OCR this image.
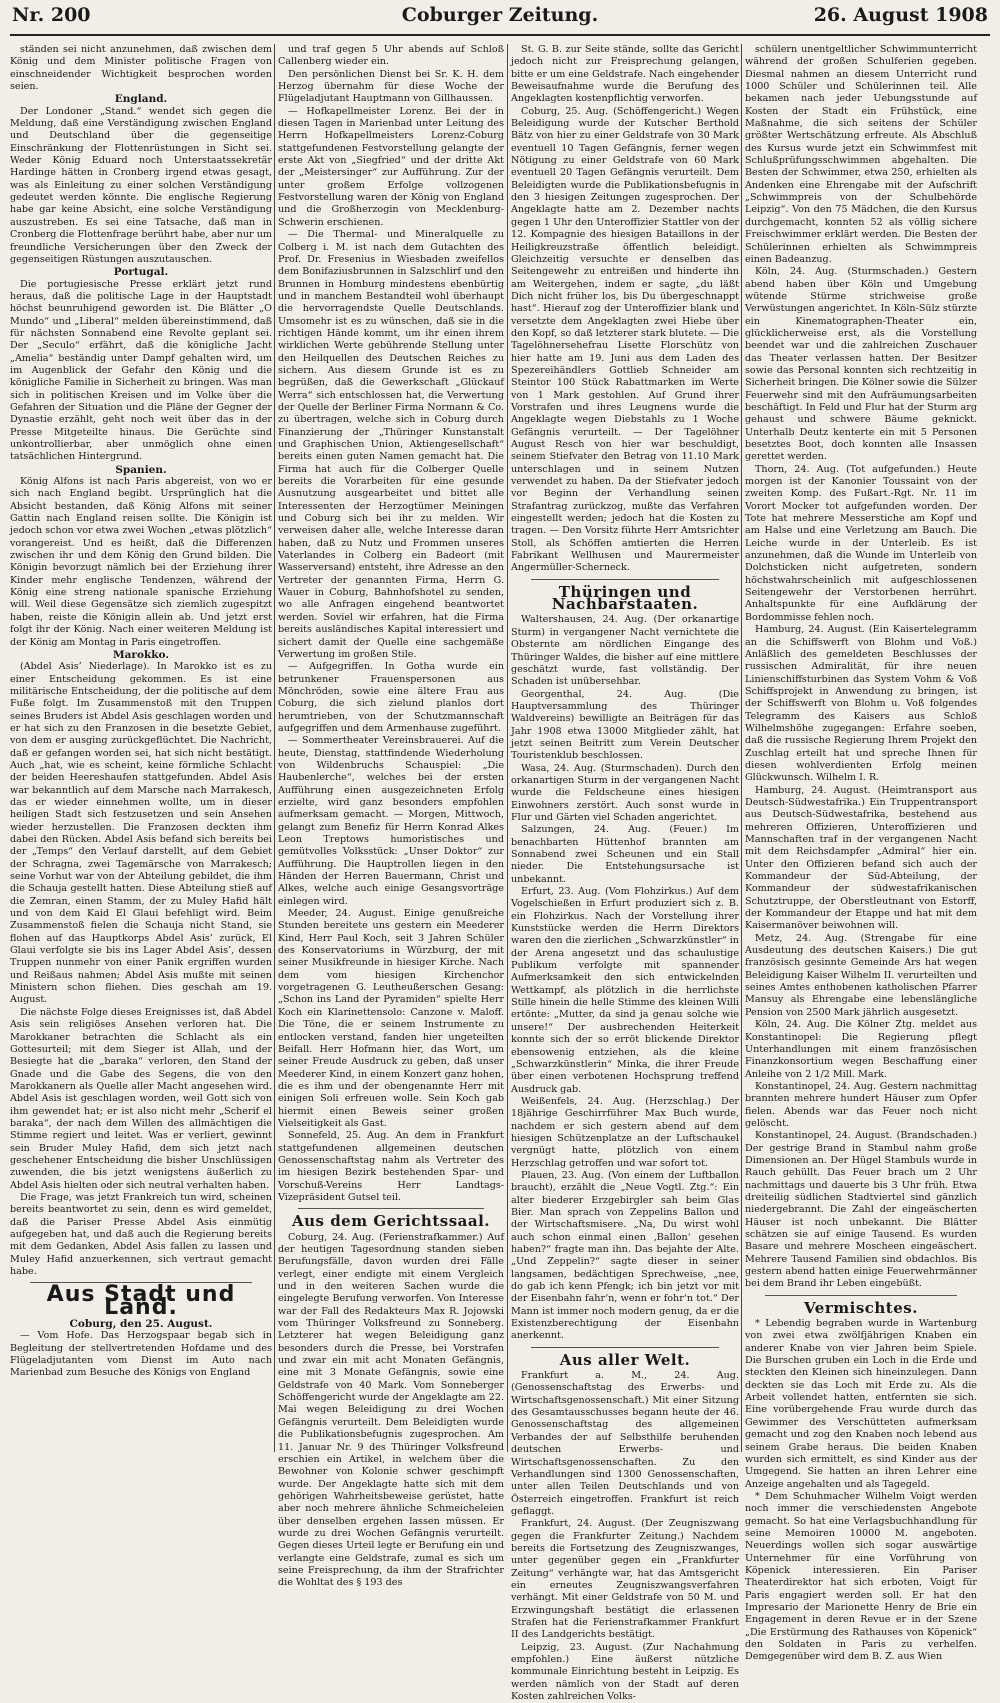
Nr. 200	Coburger Zeitung.	26. August 1908

ständen sei nicht anzunehmen, daß zwischen dem König und dem Minister politische Fragen von einschneidender Wichtigkeit besprochen worden seien.

England.

Der Londoner „Stand.“ wendet sich gegen die Meldung, daß eine Verständigung zwischen England und Deutschland über die gegenseitige Einschränkung der Flottenrüstungen in Sicht sei. Weder König Eduard noch Unterstaatssekretär Hardinge hätten in Cronberg irgend etwas gesagt, was als Einleitung zu einer solchen Verständigung gedeutet werden könnte. Die englische Regierung habe gar keine Absicht, eine solche Verständigung auszustreben. Es sei eine Tatsache, daß man in Cronberg die Flottenfrage berührt habe, aber nur um freundliche Versicherungen über den Zweck der gegenseitigen Rüstungen auszutauschen.

Portugal.

Die portugiesische Presse erklärt jetzt rund heraus, daß die politische Lage in der Hauptstadt höchst beunruhigend geworden ist. Die Blätter „O Mundo“ und „Liberal“ melden übereinstimmend, daß für nächsten Sonnabend eine Revolte geplant sei. Der „Seculo“ erfährt, daß die königliche Jacht „Amelia“ beständig unter Dampf gehalten wird, um im Augenblick der Gefahr den König und die königliche Familie in Sicherheit zu bringen. Was man sich in politischen Kreisen und im Volke über die Gefahren der Situation und die Pläne der Gegner der Dynastie erzählt, geht noch weit über das in der Presse Mitgeteilte hinaus. Die Gerüchte sind unkontrollierbar, aber unmöglich ohne einen tatsächlichen Hintergrund.

Spanien.

König Alfons ist nach Paris abgereist, von wo er sich nach England begibt. Ursprünglich hat die Absicht bestanden, daß König Alfons mit seiner Gattin nach England reisen sollte. Die Königin ist jedoch schon vor etwa zwei Wochen „etwas plötzlich“ vorangereist. Und es heißt, daß die Differenzen zwischen ihr und dem König den Grund bilden. Die Königin bevorzugt nämlich bei der Erziehung ihrer Kinder mehr englische Tendenzen, während der König eine streng nationale spanische Erziehung will. Weil diese Gegensätze sich ziemlich zugespitzt haben, reiste die Königin allein ab. Und jetzt erst folgt ihr der König. Nach einer weiteren Meldung ist der König am Montag in Paris eingetroffen.

Marokko.

(Abdel Asis’ Niederlage). In Marokko ist es zu einer Entscheidung gekommen. Es ist eine militärische Entscheidung, der die politische auf dem Fuße folgt. Im Zusammenstoß mit den Truppen seines Bruders ist Abdel Asis geschlagen worden und er hat sich zu den Franzosen in die besetzte Gebiet, von dem er ausging zurückgeflüchtet. Die Nachricht, daß er gefangen worden sei, hat sich nicht bestätigt. Auch „hat, wie es scheint, keine förmliche Schlacht der beiden Heereshaufen stattgefunden. Abdel Asis war bekanntlich auf dem Marsche nach Marrakesch, das er wieder einnehmen wollte, um in dieser heiligen Stadt sich festzusetzen und sein Ansehen wieder herzustellen. Die Franzosen deckten ihm dabei den Rücken. Abdel Asis befand sich bereits bei der „Temps“ den Verlauf darstellt, auf dem Gebiet der Schragna, zwei Tagemärsche von Marrakesch; seine Vorhut war von der Abteilung gebildet, die ihm die Schauja gestellt hatten. Diese Abteilung stieß auf die Zemran, einen Stamm, der zu Muley Hafid hält und von dem Kaid El Glaui befehligt wird. Beim Zusammenstoß fielen die Schauja nicht Stand, sie flohen auf das Hauptkorps Abdel Asis’ zurück, El Glaui verfolgte sie bis ins Lager Abdel Asis’, dessen Truppen nunmehr von einer Panik ergriffen wurden und Reißaus nahmen; Abdel Asis mußte mit seinen Ministern schon fliehen. Dies geschah am 19. August.

Die nächste Folge dieses Ereignisses ist, daß Abdel Asis sein religiöses Ansehen verloren hat. Die Marokkaner betrachten die Schlacht als ein Gottesurteil; mit dem Sieger ist Allah, und der Besiegte hat die „baraka“ verloren, den Stand der Gnade und die Gabe des Segens, die von den Marokkanern als Quelle aller Macht angesehen wird. Abdel Asis ist geschlagen worden, weil Gott sich von ihm gewendet hat; er ist also nicht mehr „Scherif el baraka“, der nach dem Willen des allmächtigen die Stimme regiert und leitet. Was er verliert, gewinnt sein Bruder Muley Hafid, dem sich jetzt nach geschehener Entscheidung die bisher Unschlüssigen zuwenden, die bis jetzt wenigstens äußerlich zu Abdel Asis hielten oder sich neutral verhalten haben.

Die Frage, was jetzt Frankreich tun wird, scheinen bereits beantwortet zu sein, denn es wird gemeldet, daß die Pariser Presse Abdel Asis einmütig aufgegeben hat, und daß auch die Regierung bereits mit dem Gedanken, Abdel Asis fallen zu lassen und Muley Hafid anzuerkennen, sich vertraut gemacht habe.

Aus Stadt und Land.

Coburg, den 25. August.

— Vom Hofe. Das Herzogspaar begab sich in Begleitung der stellvertretenden Hofdame und des Flügeladjutanten vom Dienst im Auto nach Marienbad zum Besuche des Königs von England

und traf gegen 5 Uhr abends auf Schloß Callenberg wieder ein.

Den persönlichen Dienst bei Sr. K. H. dem Herzog übernahm für diese Woche der Flügeladjutant Hauptmann von Gillhaussen.

— Hofkapellmeister Lorenz. Bei der in diesen Tagen in Marienbad unter Leitung des Herrn Hofkapellmeisters Lorenz-Coburg stattgefundenen Festvorstellung gelangte der erste Akt von „Siegfried“ und der dritte Akt der „Meistersinger“ zur Aufführung. Zur der unter großem Erfolge vollzogenen Festvorstellung waren der König von England und die Großherzogin von Mecklenburg-Schwerin erschienen.

— Die Thermal- und Mineralquelle zu Colberg i. M. ist nach dem Gutachten des Prof. Dr. Fresenius in Wiesbaden zweifellos dem Bonifaziusbrunnen in Salzschlirf und den Brunnen in Homburg mindestens ebenbürtig und in manchem Bestandteil wohl überhaupt die hervorragendste Quelle Deutschlands. Umsomehr ist es zu wünschen, daß sie in die richtigen Hände kommt, um ihr einen ihrem wirklichen Werte gebührende Stellung unter den Heilquellen des Deutschen Reiches zu sichern. Aus diesem Grunde ist es zu begrüßen, daß die Gewerkschaft „Glückauf Werra“ sich entschlossen hat, die Verwertung der Quelle der Berliner Firma Normann & Co. zu übertragen, welche sich in Coburg durch Finanzierung der „Thüringer Kunstanstalt und Graphischen Union, Aktiengesellschaft“ bereits einen guten Namen gemacht hat. Die Firma hat auch für die Colberger Quelle bereits die Vorarbeiten für eine gesunde Ausnutzung ausgearbeitet und bittet alle Interessenten der Herzogtümer Meiningen und Coburg sich bei ihr zu melden. Wir verweisen daher alle, welche Interesse daran haben, daß zu Nutz und Frommen unseres Vaterlandes in Colberg ein Badeort (mit Wasserversand) entsteht, ihre Adresse an den Vertreter der genannten Firma, Herrn G. Wauer in Coburg, Bahnhofshotel zu senden, wo alle Anfragen eingehend beantwortet werden. Soviel wir erfahren, hat die Firma bereits ausländisches Kapital interessiert und sichert damit der Quelle eine sachgemäße Verwertung im großen Stile.

— Aufgegriffen. In Gotha wurde ein betrunkener Frauenspersonen aus Mönchröden, sowie eine ältere Frau aus Coburg, die sich zielund planlos dort herumtrieben, von der Schutzmannschaft aufgegriffen und dem Armenhause zugeführt.

— Sommertheater Vereinsbrauerei. Auf die heute, Dienstag, stattfindende Wiederholung von Wildenbruchs Schauspiel: „Die Haubenlerche“, welches bei der ersten Aufführung einen ausgezeichneten Erfolg erzielte, wird ganz besonders empfohlen aufmerksam gemacht. — Morgen, Mittwoch, gelangt zum Benefiz für Herrn Konrad Alkes Leon Treptows humoristisches und gemütvolles Volksstück: „Unser Doktor“ zur Aufführung. Die Hauptrollen liegen in den Händen der Herren Bauermann, Christ und Alkes, welche auch einige Gesangsvorträge einlegen wird.

Meeder, 24. August. Einige genußreiche Stunden bereitete uns gestern ein Meederer Kind, Herr Paul Koch, seit 3 Jahren Schüler des Konservatoriums in Würzburg, der mit seiner Musikfreunde in hiesiger Kirche. Nach dem vom hiesigen Kirchenchor vorgetragenen G. Leutheußerschen Gesang: „Schon ins Land der Pyramiden“ spielte Herr Koch ein Klarinettensolo: Canzone v. Maloff. Die Töne, die er seinem Instrumente zu entlocken verstand, fanden hier ungeteilten Beifall. Herr Hofmann hier, das Wort, um seiner Freude Ausdruck zu geben, daß unser Meederer Kind, in einem Konzert ganz hohen, die es ihm und der obengenannte Herr mit einigen Soli erfreuen wolle. Sein Koch gab hiermit einen Beweis seiner großen Vielseitigkeit als Gast.

Sonnefeld, 25. Aug. An dem in Frankfurt stattgefundenen allgemeinen deutschen Genossenschaftstag nahm als Vertreter des im hiesigen Bezirk bestehenden Spar- und Vorschuß-Vereins Herr Landtags-Vizepräsident Gutsel teil.

Aus dem Gerichtssaal.

Coburg, 24. Aug. (Ferienstrafkammer.) Auf der heutigen Tagesordnung standen sieben Berufungsfälle, davon wurden drei Fälle verlegt, einer endigte mit einem Vergleich und in den weiteren Sachen wurde die eingelegte Berufung verworfen. Von Interesse war der Fall des Redakteurs Max R. Jojowski vom Thüringer Volksfreund zu Sonneberg. Letzterer hat wegen Beleidigung ganz besonders durch die Presse, bei Vorstrafen und zwar ein mit acht Monaten Gefängnis, eine mit 3 Monate Gefängnis, sowie eine Geldstrafe von 40 Mark. Vom Sonneberger Schöffengericht wurde der Angeklagte am 22. Mai wegen Beleidigung zu drei Wochen Gefängnis verurteilt. Dem Beleidigten wurde die Publikationsbefugnis zugesprochen. Am 11. Januar Nr. 9 des Thüringer Volksfreund erschien ein Artikel, in welchem über die Bewohner von Kolonie schwer geschimpft wurde. Der Angeklagte hatte sich mit dem gehörigen Wahrheitsbeweise gerüstet, hatte aber noch mehrere ähnliche Schmeicheleien über denselben ergehen lassen müssen. Er wurde zu drei Wochen Gefängnis verurteilt. Gegen dieses Urteil legte er Berufung ein und verlangte eine Geldstrafe, zumal es sich um seine Freisprechung, da ihm der Strafrichter die Wohltat des § 193 des

St. G. B. zur Seite stände, sollte das Gericht jedoch nicht zur Freisprechung gelangen, bitte er um eine Geldstrafe. Nach eingehender Beweisaufnahme wurde die Berufung des Angeklagten kostenpflichtig verworfen.

Coburg, 25. Aug. (Schöffengericht.) Wegen Beleidigung wurde der Kutscher Berthold Bätz von hier zu einer Geldstrafe von 30 Mark eventuell 10 Tagen Gefängnis, ferner wegen Nötigung zu einer Geldstrafe von 60 Mark eventuell 20 Tagen Gefängnis verurteilt. Dem Beleidigten wurde die Publikationsbefugnis in den 3 hiesigen Zeitungen zugesprochen. Der Angeklagte hatte am 2. Dezember nachts gegen 1 Uhr den Unteroffizier Stattler von der 12. Kompagnie des hiesigen Bataillons in der Heiligkreuzstraße öffentlich beleidigt. Gleichzeitig versuchte er denselben das Seitengewehr zu entreißen und hinderte ihn am Weitergehen, indem er sagte, „du läßt Dich nicht früher los, bis Du übergeschnappt hast“. Hierauf zog der Unteroffizier blank und versetzte dem Angeklagten zwei Hiebe über den Kopf, so daß letzterer stark blutete. — Die Tagelöhnersehefrau Lisette Florschütz von hier hatte am 19. Juni aus dem Laden des Spezereihändlers Gottlieb Schneider am Steintor 100 Stück Rabattmarken im Werte von 1 Mark gestohlen. Auf Grund ihrer Vorstrafen und ihres Leugnens wurde die Angeklagte wegen Diebstahls zu 1 Woche Gefängnis verurteilt. — Der Tagelöhner August Resch von hier war beschuldigt, seinem Stiefvater den Betrag von 11.10 Mark unterschlagen und in seinem Nutzen verwendet zu haben. Da der Stiefvater jedoch vor Beginn der Verhandlung seinen Strafantrag zurückzog, mußte das Verfahren eingestellt werden; jedoch hat die Kosten zu tragen. — Den Vorsitz führte Herr Amtsrichter Stoll, als Schöffen amtierten die Herren Fabrikant Wellhusen und Maurermeister Angermüller-Scherneck.

Thüringen und Nachbarstaaten.

Waltershausen, 24. Aug. (Der orkanartige Sturm) in vergangener Nacht vernichtete die Obsternte am nördlichen Eingange des Thüringer Waldes, die bisher auf eine mittlere geschätzt wurde, fast vollständig. Der Schaden ist unübersehbar.

Georgenthal, 24. Aug. (Die Hauptversammlung des Thüringer Waldvereins) bewilligte an Beiträgen für das Jahr 1908 etwa 13000 Mitglieder zählt, hat jetzt seinen Beitritt zum Verein Deutscher Touristenklub beschlossen.

Wasa, 24. Aug. (Sturmschaden). Durch den orkanartigen Sturm in der vergangenen Nacht wurde die Feldscheune eines hiesigen Einwohners zerstört. Auch sonst wurde in Flur und Gärten viel Schaden angerichtet.

Salzungen, 24. Aug. (Feuer.) Im benachbarten Hüttenhof brannten am Sonnabend zwei Scheunen und ein Stall nieder. Die Entstehungsursache ist unbekannt.

Erfurt, 23. Aug. (Vom Flohzirkus.) Auf dem Vogelschießen in Erfurt produziert sich z. B. ein Flohzirkus. Nach der Vorstellung ihrer Kunststücke werden die Herrn Direktors waren den die zierlichen „Schwarzkünstler“ in der Arena angesetzt und das schaulustige Publikum verfolgte mit spannender Aufmerksamkeit den sich entwickelnden Wettkampf, als plötzlich in die herrlichste Stille hinein die helle Stimme des kleinen Willi ertönte: „Mutter, da sind ja genau solche wie unsere!“ Der ausbrechenden Heiterkeit konnte sich der so erröt blickende Direktor ebensowenig entziehen, als die kleine „Schwarzkünstlerin“ Minka, die ihrer Freude über einen verbotenen Hochsprung treffend Ausdruck gab.

Weißenfels, 24. Aug. (Herzschlag.) Der 18jährige Geschirrführer Max Buch wurde, nachdem er sich gestern abend auf dem hiesigen Schützenplatze an der Luftschaukel vergnügt hatte, plötzlich von einem Herzschlag getroffen und war sofort tot.

Plauen, 23. Aug. (Von einem der Luftballon braucht), erzählt die „Neue Vogtl. Ztg.“: Ein alter biederer Erzgebirgler sah beim Glas Bier. Man sprach von Zeppelins Ballon und der Wirtschaftsmisere. „Na, Du wirst wohl auch schon einmal einen ‚Ballon‘ gesehen haben?“ fragte man ihn. Das bejahte der Alte. „Und Zeppelin?“ sagte dieser in seiner langsamen, bedächtigen Sprechweise, „nee, do gab ich kenn Pfengk; ich bin jetzt vor mit der Eisenbahn fahr‘n, wenn er fohr‘n tot.“ Der Mann ist immer noch modern genug, da er die Existenzberechtigung der Eisenbahn anerkennt.

Aus aller Welt.

Frankfurt a. M., 24. Aug. (Genossenschaftstag des Erwerbs- und Wirtschaftsgenossenschaft.) Mit einer Sitzung des Gesamtausschusses begann heute der 46. Genossenschaftstag des allgemeinen Verbandes der auf Selbsthilfe beruhenden deutschen Erwerbs- und Wirtschaftsgenossenschaften. Zu den Verhandlungen sind 1300 Genossenschaften, unter allen Teilen Deutschlands und von Österreich eingetroffen. Frankfurt ist reich geflaggt.

Frankfurt, 24. August. (Der Zeugniszwang gegen die Frankfurter Zeitung.) Nachdem bereits die Fortsetzung des Zeugniszwanges, unter gegenüber gegen ein „Frankfurter Zeitung“ verhängte war, hat das Amtsgericht ein erneutes Zeugniszwangsverfahren verhängt. Mit einer Geldstrafe von 50 M. und Erzwingungshaft bestätigt die erlassenen Strafen hat die Ferienstrafkammer Frankfurt II des Landgerichts bestätigt.

Leipzig, 23. August. (Zur Nachahmung empfohlen.) Eine äußerst nützliche kommunale Einrichtung besteht in Leipzig. Es werden nämlich von der Stadt auf deren Kosten zahlreichen Volks-

schülern unentgeltlicher Schwimmunterricht während der großen Schulferien gegeben. Diesmal nahmen an diesem Unterricht rund 1000 Schüler und Schülerinnen teil. Alle bekamen nach jeder Uebungsstunde auf Kosten der Stadt ein Frühstück, eine Maßnahme, die sich seitens der Schüler größter Wertschätzung erfreute. Als Abschluß des Kursus wurde jetzt ein Schwimmfest mit Schlußprüfungsschwimmen abgehalten. Die Besten der Schwimmer, etwa 250, erhielten als Andenken eine Ehrengabe mit der Aufschrift „Schwimmpreis von der Schulbehörde Leipzig“. Von den 75 Mädchen, die den Kursus durchgemacht, konnten 52 als völlig sichere Freischwimmer erklärt werden. Die Besten der Schülerinnen erhielten als Schwimmpreis einen Badeanzug.

Köln, 24. Aug. (Sturmschaden.) Gestern abend haben über Köln und Umgebung wütende Stürme strichweise große Verwüstungen angerichtet. In Köln-Sülz stürzte ein Kinematographen-Theater ein, glücklicherweise erst, als die Vorstellung beendet war und die zahlreichen Zuschauer das Theater verlassen hatten. Der Besitzer sowie das Personal konnten sich rechtzeitig in Sicherheit bringen. Die Kölner sowie die Sülzer Feuerwehr sind mit den Aufräumungsarbeiten beschäftigt. In Feld und Flur hat der Sturm arg gehaust und schwere Bäume geknickt. Unterhalb Deutz kenterte ein mit 5 Personen besetztes Boot, doch konnten alle Insassen gerettet werden.

Thorn, 24. Aug. (Tot aufgefunden.) Heute morgen ist der Kanonier Toussaint von der zweiten Komp. des Fußart.-Rgt. Nr. 11 im Vorort Mocker tot aufgefunden worden. Der Tote hat mehrere Messerstiche am Kopf und am Halse und eine Verletzung am Bauch. Die Leiche wurde in der Unterleib. Es ist anzunehmen, daß die Wunde im Unterleib von Dolchsticken nicht aufgetreten, sondern höchstwahrscheinlich mit aufgeschlossenen Seitengewehr der Verstorbenen herrührt. Anhaltspunkte für eine Aufklärung der Bordommisse fehlen noch.

Hamburg, 24. August. (Ein Kaisertelegramm an die Schiffswerft von Blohm und Voß.) Anläßlich des gemeldeten Beschlusses der russischen Admiralität, für ihre neuen Linienschiffsturbinen das System Vohm & Voß Schiffsprojekt in Anwendung zu bringen, ist der Schiffswerft von Blohm u. Voß folgendes Telegramm des Kaisers aus Schloß Wilhelmshöhe zugegangen: Erfahre soeben, daß die russische Regierung Ihrem Projekt den Zuschlag erteilt hat und spreche Ihnen für diesen wohlverdienten Erfolg meinen Glückwunsch. Wilhelm I. R.

Hamburg, 24. August. (Heimtransport aus Deutsch-Südwestafrika.) Ein Truppentransport aus Deutsch-Südwestafrika, bestehend aus mehreren Offizieren, Unteroffizieren und Mannschaften traf in der vergangenen Nacht mit dem Reichsdampfer „Admiral“ hier ein. Unter den Offizieren befand sich auch der Kommandeur der Süd-Abteilung, der Kommandeur der südwestafrikanischen Schutztruppe, der Oberstleutnant von Estorff, der Kommandeur der Etappe und hat mit dem Kaisermanöver beiwohnen will.

Metz, 24. Aug. (Strengabe für eine Ausdeutung des deutschen Kaisers.) Die gut französisch gesinnte Gemeinde Ars hat wegen Beleidigung Kaiser Wilhelm II. verurteilten und seines Amtes enthobenen katholischen Pfarrer Mansuy als Ehrengabe eine lebenslängliche Pension von 2500 Mark jährlich ausgesetzt.

Köln, 24. Aug. Die Kölner Ztg. meldet aus Konstantinopel: Die Regierung pflegt Unterhandlungen mit einem französischen Finanzkonsortium wegen Beschaffung einer Anleihe von 2 1/2 Mill. Mark.

Konstantinopel, 24. Aug. Gestern nachmittag brannten mehrere hundert Häuser zum Opfer fielen. Abends war das Feuer noch nicht gelöscht.

Konstantinopel, 24. August. (Brandschaden.) Der gestrige Brand in Stambul nahm große Dimensionen an. Der Hügel Stambuls wurde in Rauch gehüllt. Das Feuer brach um 2 Uhr nachmittags und dauerte bis 3 Uhr früh. Etwa dreiteilig südlichen Stadtviertel sind gänzlich niedergebrannt. Die Zahl der eingeäscherten Häuser ist noch unbekannt. Die Blätter schätzen sie auf einige Tausend. Es wurden Basare und mehrere Moscheen eingeäschert. Mehrere Tausend Familien sind obdachlos. Bis gestern abend hatten einige Feuerwehrmänner bei dem Brand ihr Leben eingebüßt.

Vermischtes.

* Lebendig begraben wurde in Wartenburg von zwei etwa zwölfjährigen Knaben ein anderer Knabe von vier Jahren beim Spiele. Die Burschen gruben ein Loch in die Erde und steckten den Kleinen sich hineinzulegen. Dann deckten sie das Loch mit Erde zu. Als die Arbeit vollendet hatten, entfernten sie sich. Eine vorübergehende Frau wurde durch das Gewimmer des Verschütteten aufmerksam gemacht und zog den Knaben noch lebend aus seinem Grabe heraus. Die beiden Knaben wurden sich ermittelt, es sind Kinder aus der Umgegend. Sie hatten an ihren Lehrer eine Anzeige angehalten und als Tagegeld.

* Dem Schuhmacher Wilhelm Voigt werden noch immer die verschiedensten Angebote gemacht. So hat eine Verlagsbuchhandlung für seine Memoiren 10000 M. angeboten. Neuerdings wollen sich sogar auswärtige Unternehmer für eine Vorführung von Köpenick interessieren. Ein Pariser Theaterdirektor hat sich erboten, Voigt für Paris engagiert werden soll. Er hat den Impresario der Marionette Henry de Brie ein Engagement in deren Revue er in der Szene „Die Erstürmung des Rathauses von Köpenick“ den Soldaten in Paris zu verhelfen. Demgegenüber wird dem B. Z. aus Wien
